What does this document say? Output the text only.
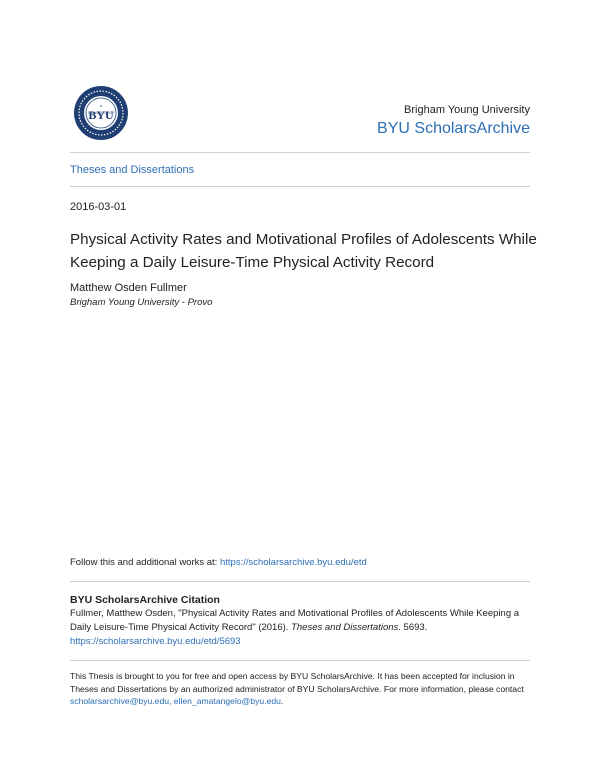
BYU
★	Brigham Young University
BYU ScholarsArchive
Theses and Dissertations
2016-03-01
Physical Activity Rates and Motivational Profiles of Adolescents While Keeping a Daily Leisure-Time Physical Activity Record
Matthew Osden Fullmer
Brigham Young University - Provo
Follow this and additional works at: https://scholarsarchive.byu.edu/etd
BYU ScholarsArchive Citation
Fullmer, Matthew Osden, "Physical Activity Rates and Motivational Profiles of Adolescents While Keeping a Daily Leisure-Time Physical Activity Record" (2016). Theses and Dissertations. 5693.
https://scholarsarchive.byu.edu/etd/5693
This Thesis is brought to you for free and open access by BYU ScholarsArchive. It has been accepted for inclusion in Theses and Dissertations by an authorized administrator of BYU ScholarsArchive. For more information, please contact scholarsarchive@byu.edu, ellen_amatangelo@byu.edu.
